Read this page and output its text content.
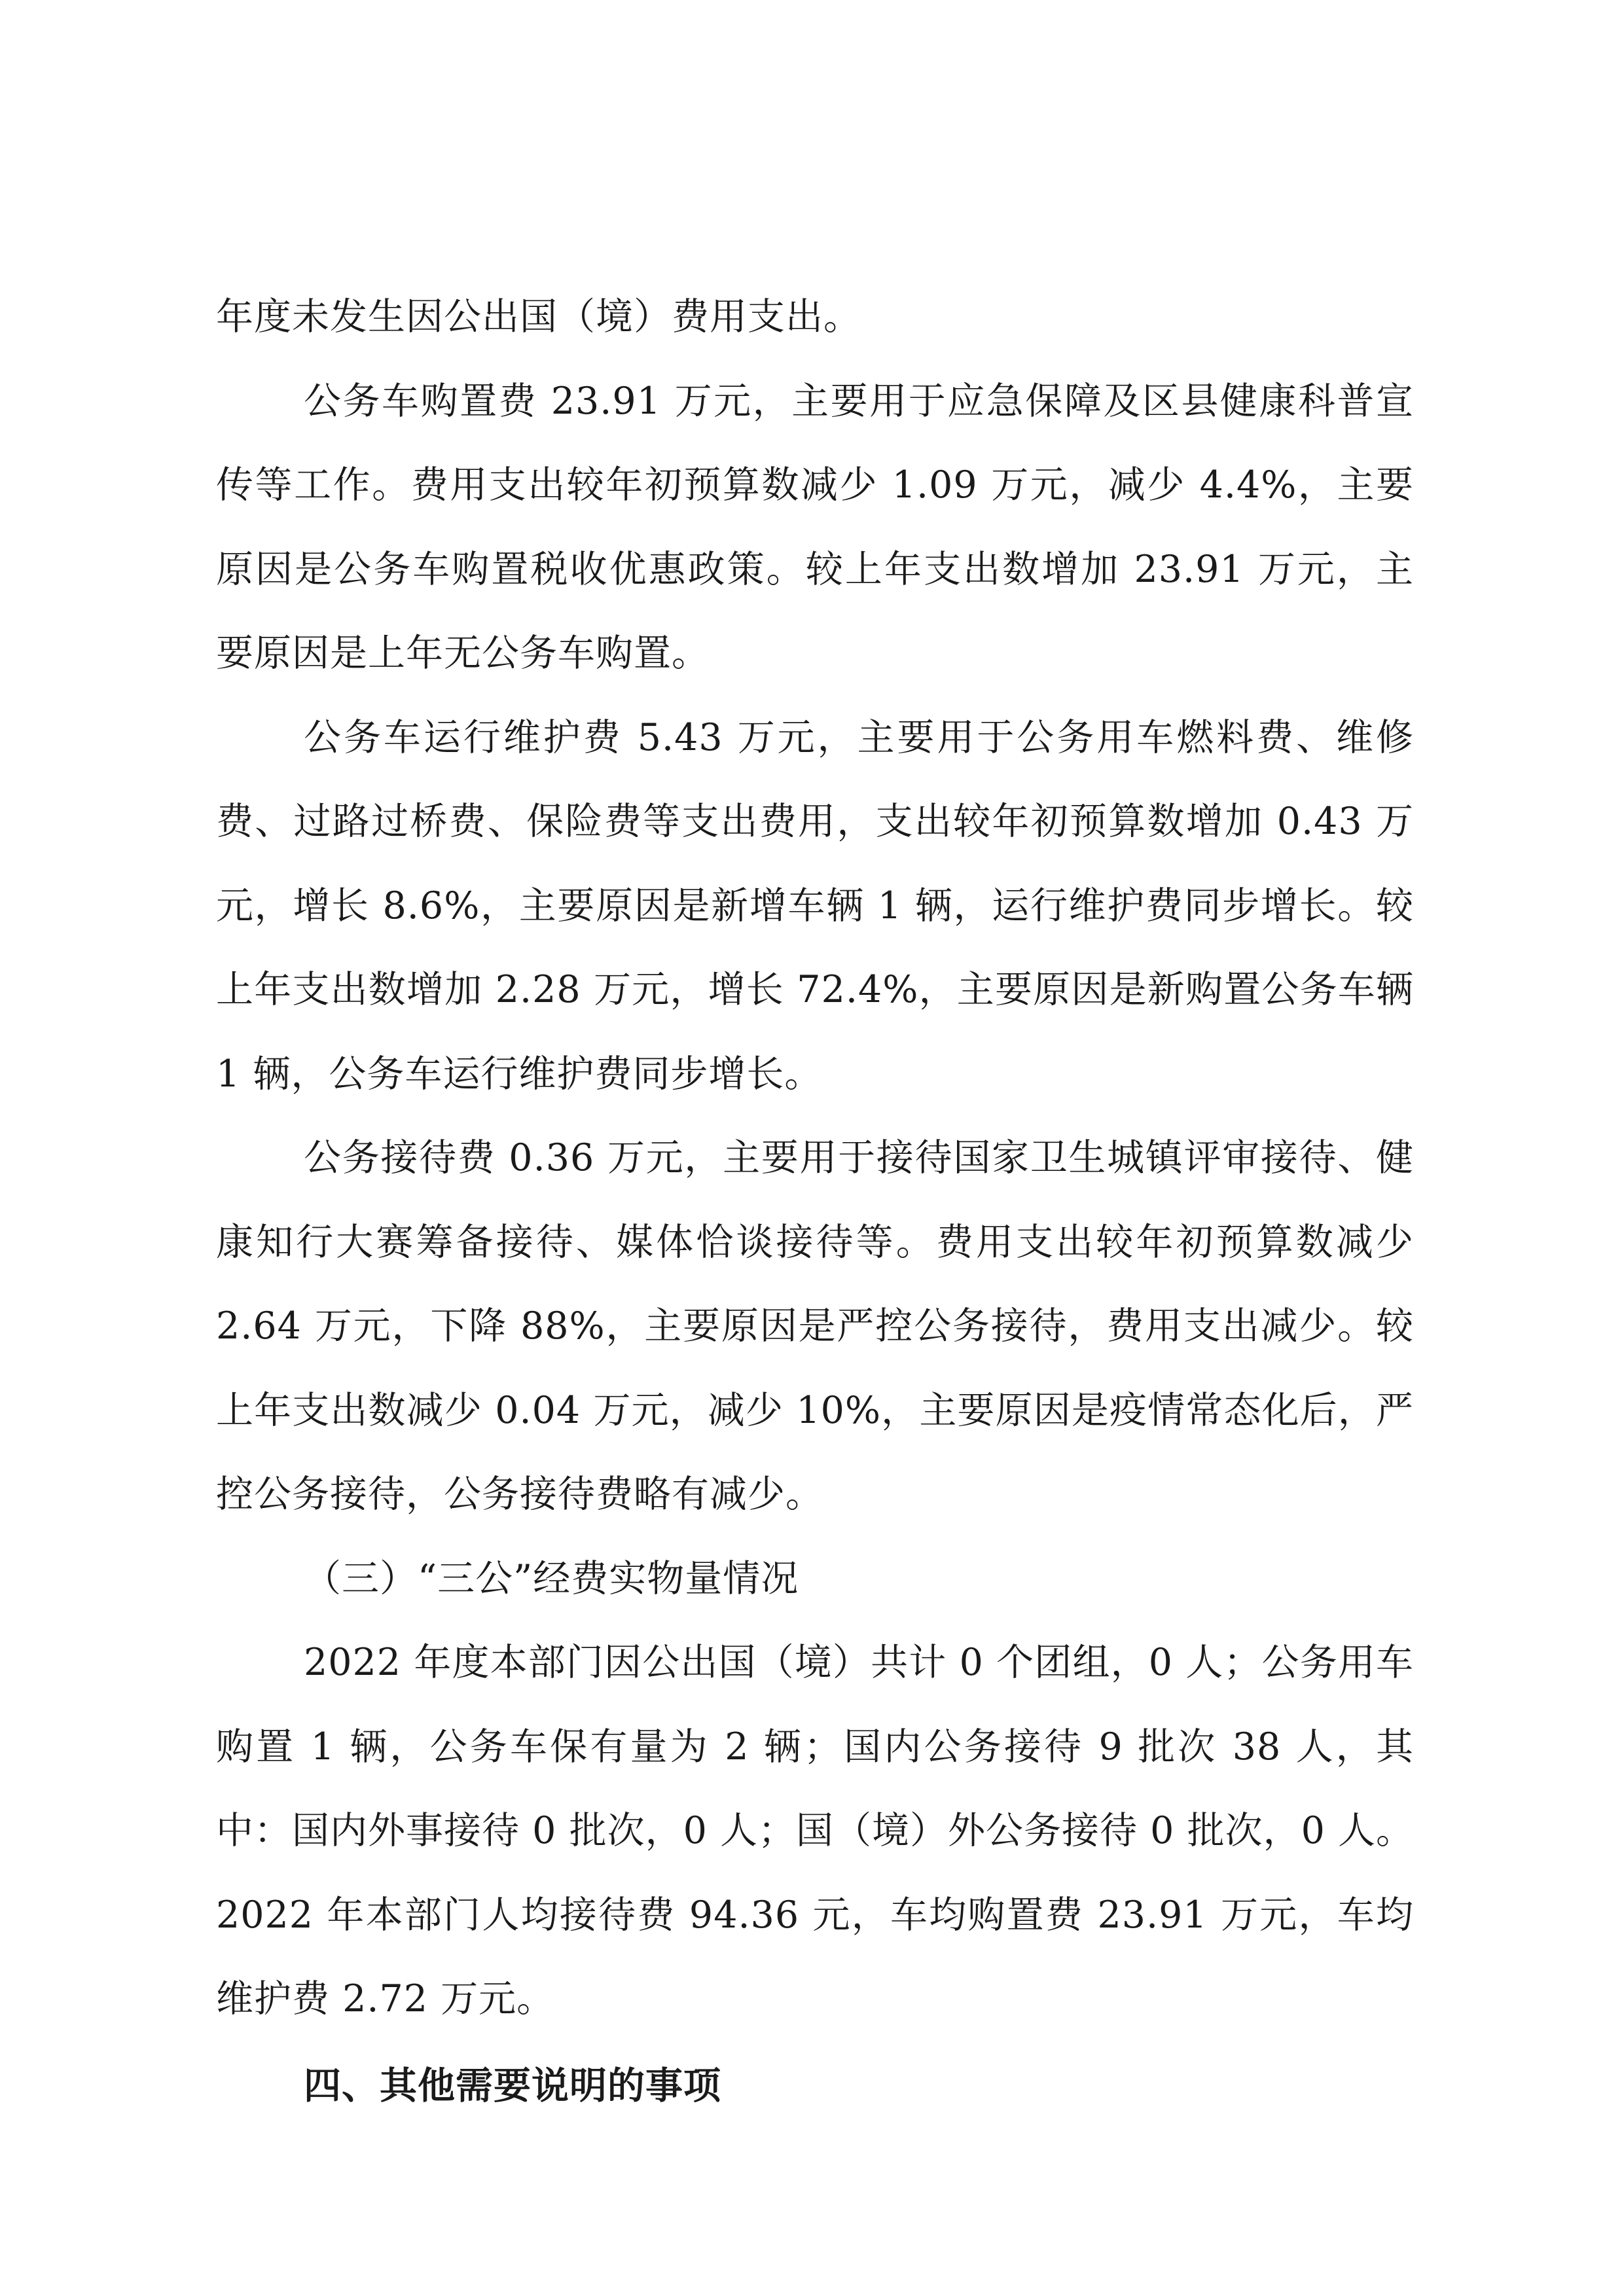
年度未发生因公出国（境）费用支出。

公务车购置费 23.91 万元，主要用于应急保障及区县健康科普宣传等工作。费用支出较年初预算数减少 1.09 万元，减少 4.4%，主要原因是公务车购置税收优惠政策。较上年支出数增加 23.91 万元，主要原因是上年无公务车购置。

公务车运行维护费 5.43 万元，主要用于公务用车燃料费、维修费、过路过桥费、保险费等支出费用，支出较年初预算数增加 0.43 万元，增长 8.6%，主要原因是新增车辆 1 辆，运行维护费同步增长。较上年支出数增加 2.28 万元，增长 72.4%，主要原因是新购置公务车辆 1 辆，公务车运行维护费同步增长。

公务接待费 0.36 万元，主要用于接待国家卫生城镇评审接待、健康知行大赛筹备接待、媒体恰谈接待等。费用支出较年初预算数减少 2.64 万元，下降 88%，主要原因是严控公务接待，费用支出减少。较上年支出数减少 0.04 万元，减少 10%，主要原因是疫情常态化后，严控公务接待，公务接待费略有减少。

（三）“三公”经费实物量情况

2022 年度本部门因公出国（境）共计 0 个团组，0 人；公务用车购置 1 辆，公务车保有量为 2 辆；国内公务接待 9 批次 38 人，其中：国内外事接待 0 批次，0 人；国（境）外公务接待 0 批次，0 人。2022 年本部门人均接待费 94.36 元，车均购置费 23.91 万元，车均维护费 2.72 万元。

四、其他需要说明的事项
